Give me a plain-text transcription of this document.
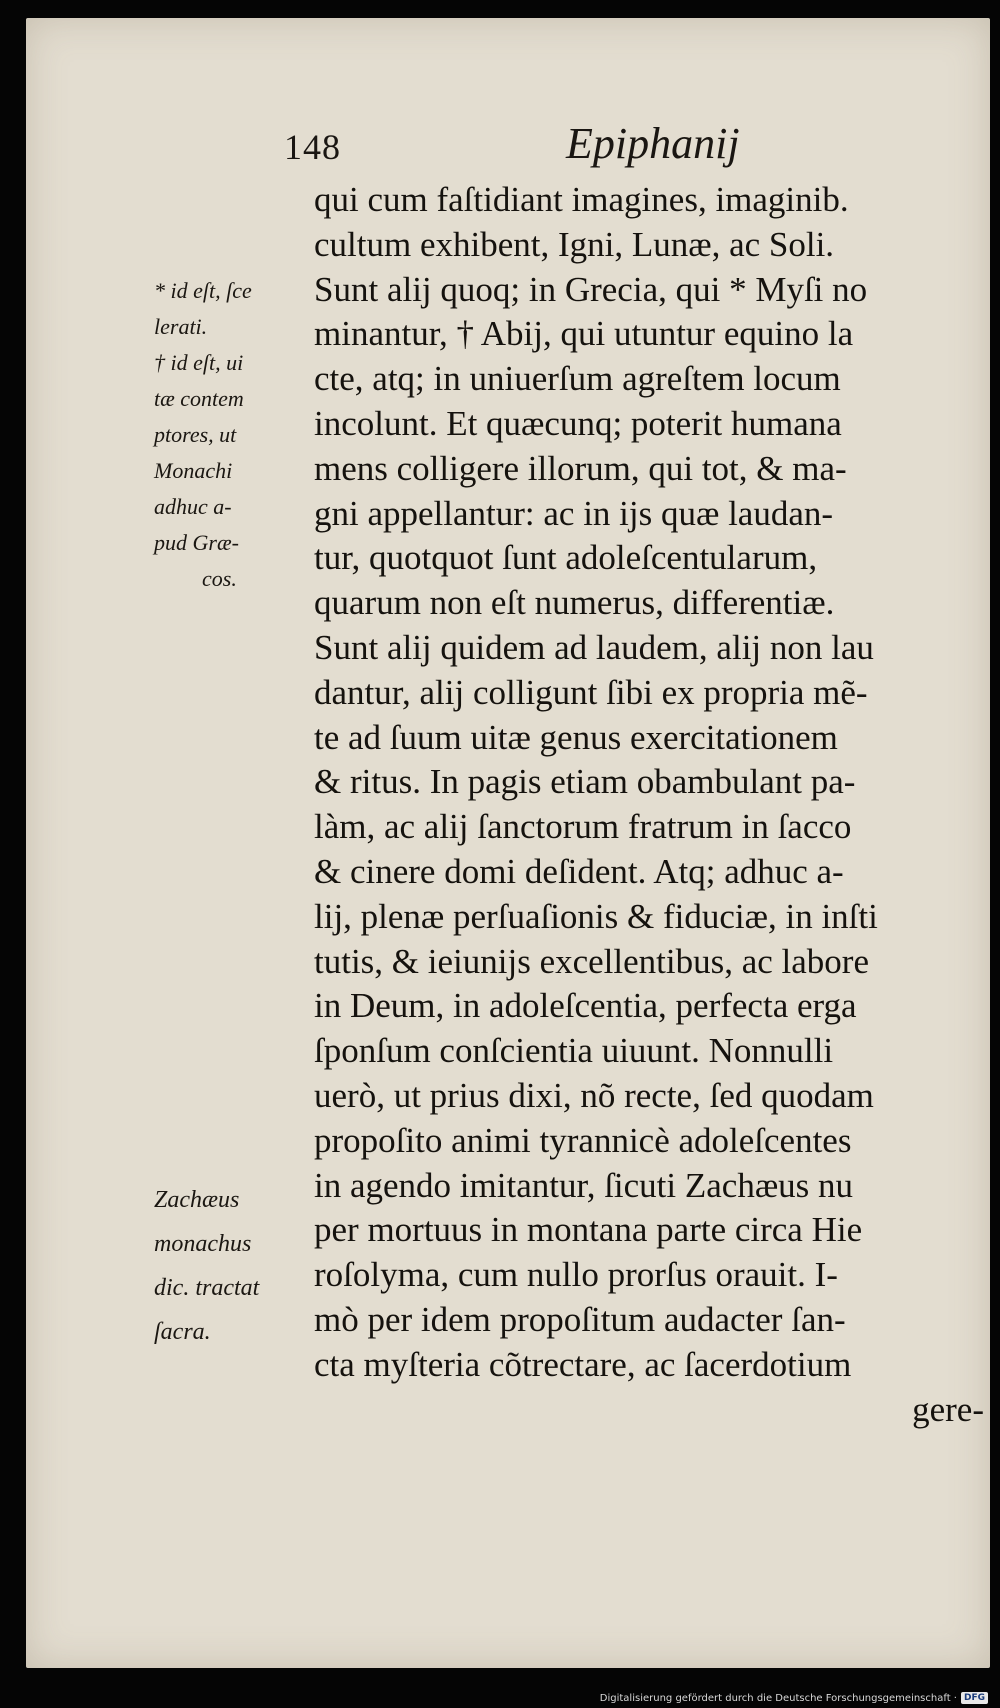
148	Epiphanij
qui cum faſtidiant imagines, imaginib.
cultum exhibent, Igni, Lunæ, ac Soli.
Sunt alij quoq; in Grecia, qui * Myſi no
minantur, † Abij, qui utuntur equino la
cte, atq; in uniuerſum agreſtem locum
incolunt. Et quæcunq; poterit humana
mens colligere illorum, qui tot, & ma-
gni appellantur: ac in ijs quæ laudan-
tur, quotquot ſunt adoleſcentularum,
quarum non eſt numerus, differentiæ.
Sunt alij quidem ad laudem, alij non lau
dantur, alij colligunt ſibi ex propria mẽ-
te ad ſuum uitæ genus exercitationem
& ritus. In pagis etiam obambulant pa-
làm, ac alij ſanctorum fratrum in ſacco
& cinere domi deſident. Atq; adhuc a-
lij, plenæ perſuaſionis & fiduciæ, in inſti
tutis, & ieiunijs excellentibus, ac labore
in Deum, in adoleſcentia, perfecta erga
ſponſum conſcientia uiuunt. Nonnulli
uerò, ut prius dixi, nõ recte, ſed quodam
propoſito animi tyrannicè adoleſcentes
in agendo imitantur, ſicuti Zachæus nu
per mortuus in montana parte circa Hie
roſolyma, cum nullo prorſus orauit. I-
mò per idem propoſitum audacter ſan-
cta myſteria cõtrectare, ac ſacerdotium
gere-
* id eſt, ſce
lerati.
† id eſt, ui
tæ contem
ptores, ut
Monachi
adhuc a-
pud Græ-
cos.
Zachæus
monachus
dic. tractat
ſacra.
Digitalisierung gefördert durch die Deutsche Forschungsgemeinschaft · DFG
